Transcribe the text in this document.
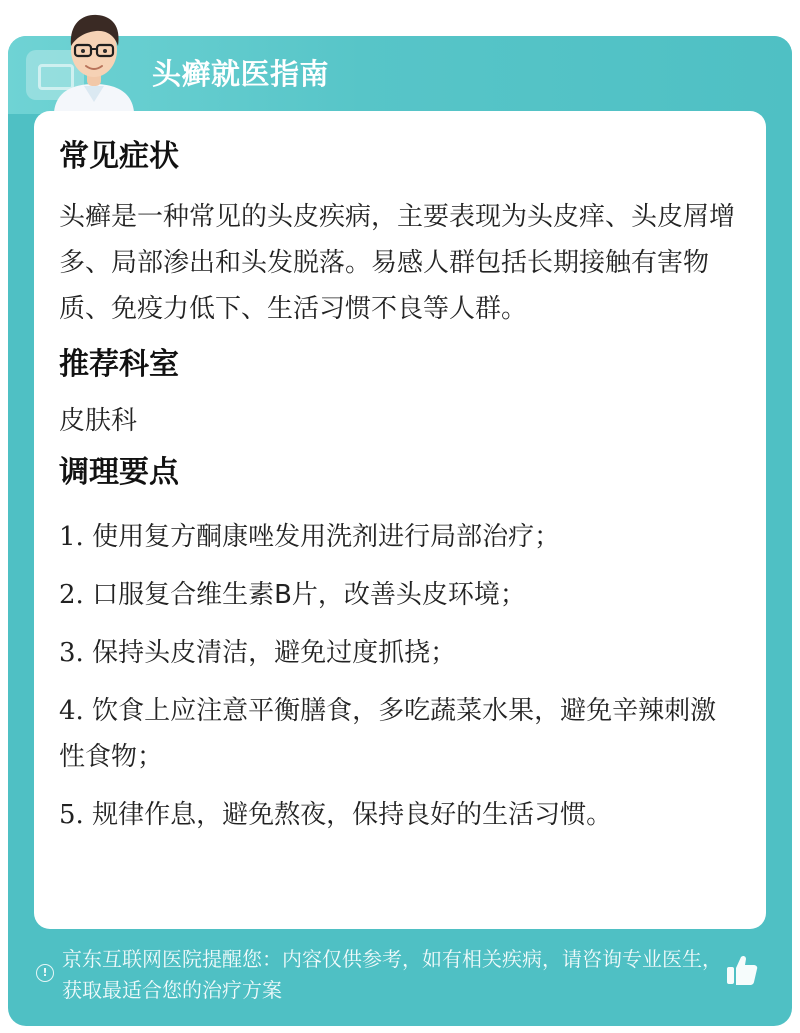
头癣就医指南
常见症状

头癣是一种常见的头皮疾病，主要表现为头皮痒、头皮屑增多、局部渗出和头发脱落。易感人群包括长期接触有害物质、免疫力低下、生活习惯不良等人群。

推荐科室

皮肤科

调理要点
1. 使用复方酮康唑发用洗剂进行局部治疗；
2. 口服复合维生素B片，改善头皮环境；
3. 保持头皮清洁，避免过度抓挠；
4. 饮食上应注意平衡膳食，多吃蔬菜水果，避免辛辣刺激性食物；
5. 规律作息，避免熬夜，保持良好的生活习惯。
!
京东互联网医院提醒您：内容仅供参考，如有相关疾病，请咨询专业医生，获取最适合您的治疗方案
